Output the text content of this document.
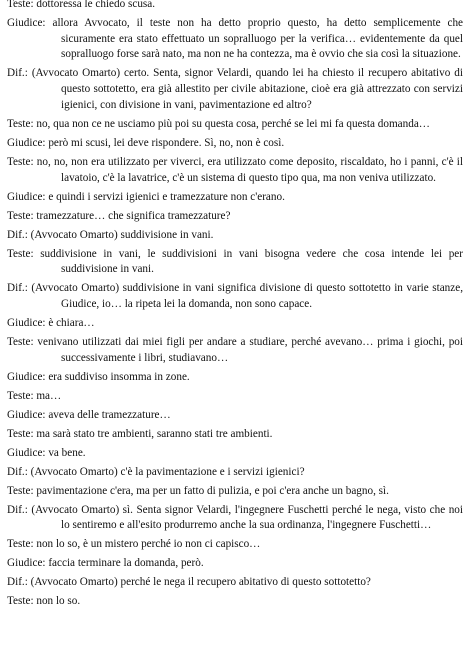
Teste: dottoressa le chiedo scusa.

Giudice: allora Avvocato, il teste non ha detto proprio questo, ha detto semplicemente che sicuramente era stato effettuato un sopralluogo per la verifica… evidentemente da quel sopralluogo forse sarà nato, ma non ne ha contezza, ma è ovvio che sia così la situazione.

Dif.: (Avvocato Omarto) certo. Senta, signor Velardi, quando lei ha chiesto il recupero abitativo di questo sottotetto, era già allestito per civile abitazione, cioè era già attrezzato con servizi igienici, con divisione in vani, pavimentazione ed altro?

Teste: no, qua non ce ne usciamo più poi su questa cosa, perché se lei mi fa questa domanda…

Giudice: però mi scusi, lei deve rispondere. Sì, no, non è così.

Teste: no, no, non era utilizzato per viverci, era utilizzato come deposito, riscaldato, ho i panni, c'è il lavatoio, c'è la lavatrice, c'è un sistema di questo tipo qua, ma non veniva utilizzato.

Giudice: e quindi i servizi igienici e tramezzature non c'erano.

Teste: tramezzature… che significa tramezzature?

Dif.: (Avvocato Omarto) suddivisione in vani.

Teste: suddivisione in vani, le suddivisioni in vani bisogna vedere che cosa intende lei per suddivisione in vani.

Dif.: (Avvocato Omarto) suddivisione in vani significa divisione di questo sottotetto in varie stanze, Giudice, io… la ripeta lei la domanda, non sono capace.

Giudice: è chiara…

Teste: venivano utilizzati dai miei figli per andare a studiare, perché avevano… prima i giochi, poi successivamente i libri, studiavano…

Giudice: era suddiviso insomma in zone.

Teste: ma…

Giudice: aveva delle tramezzature…

Teste: ma sarà stato tre ambienti, saranno stati tre ambienti.

Giudice: va bene.

Dif.: (Avvocato Omarto) c'è la pavimentazione e i servizi igienici?

Teste: pavimentazione c'era, ma per un fatto di pulizia, e poi c'era anche un bagno, sì.

Dif.: (Avvocato Omarto) sì. Senta signor Velardi, l'ingegnere Fuschetti perché le nega, visto che noi lo sentiremo e all'esito produrremo anche la sua ordinanza, l'ingegnere Fuschetti…

Teste: non lo so, è un mistero perché io non ci capisco…

Giudice: faccia terminare la domanda, però.

Dif.: (Avvocato Omarto) perché le nega il recupero abitativo di questo sottotetto?

Teste: non lo so.
